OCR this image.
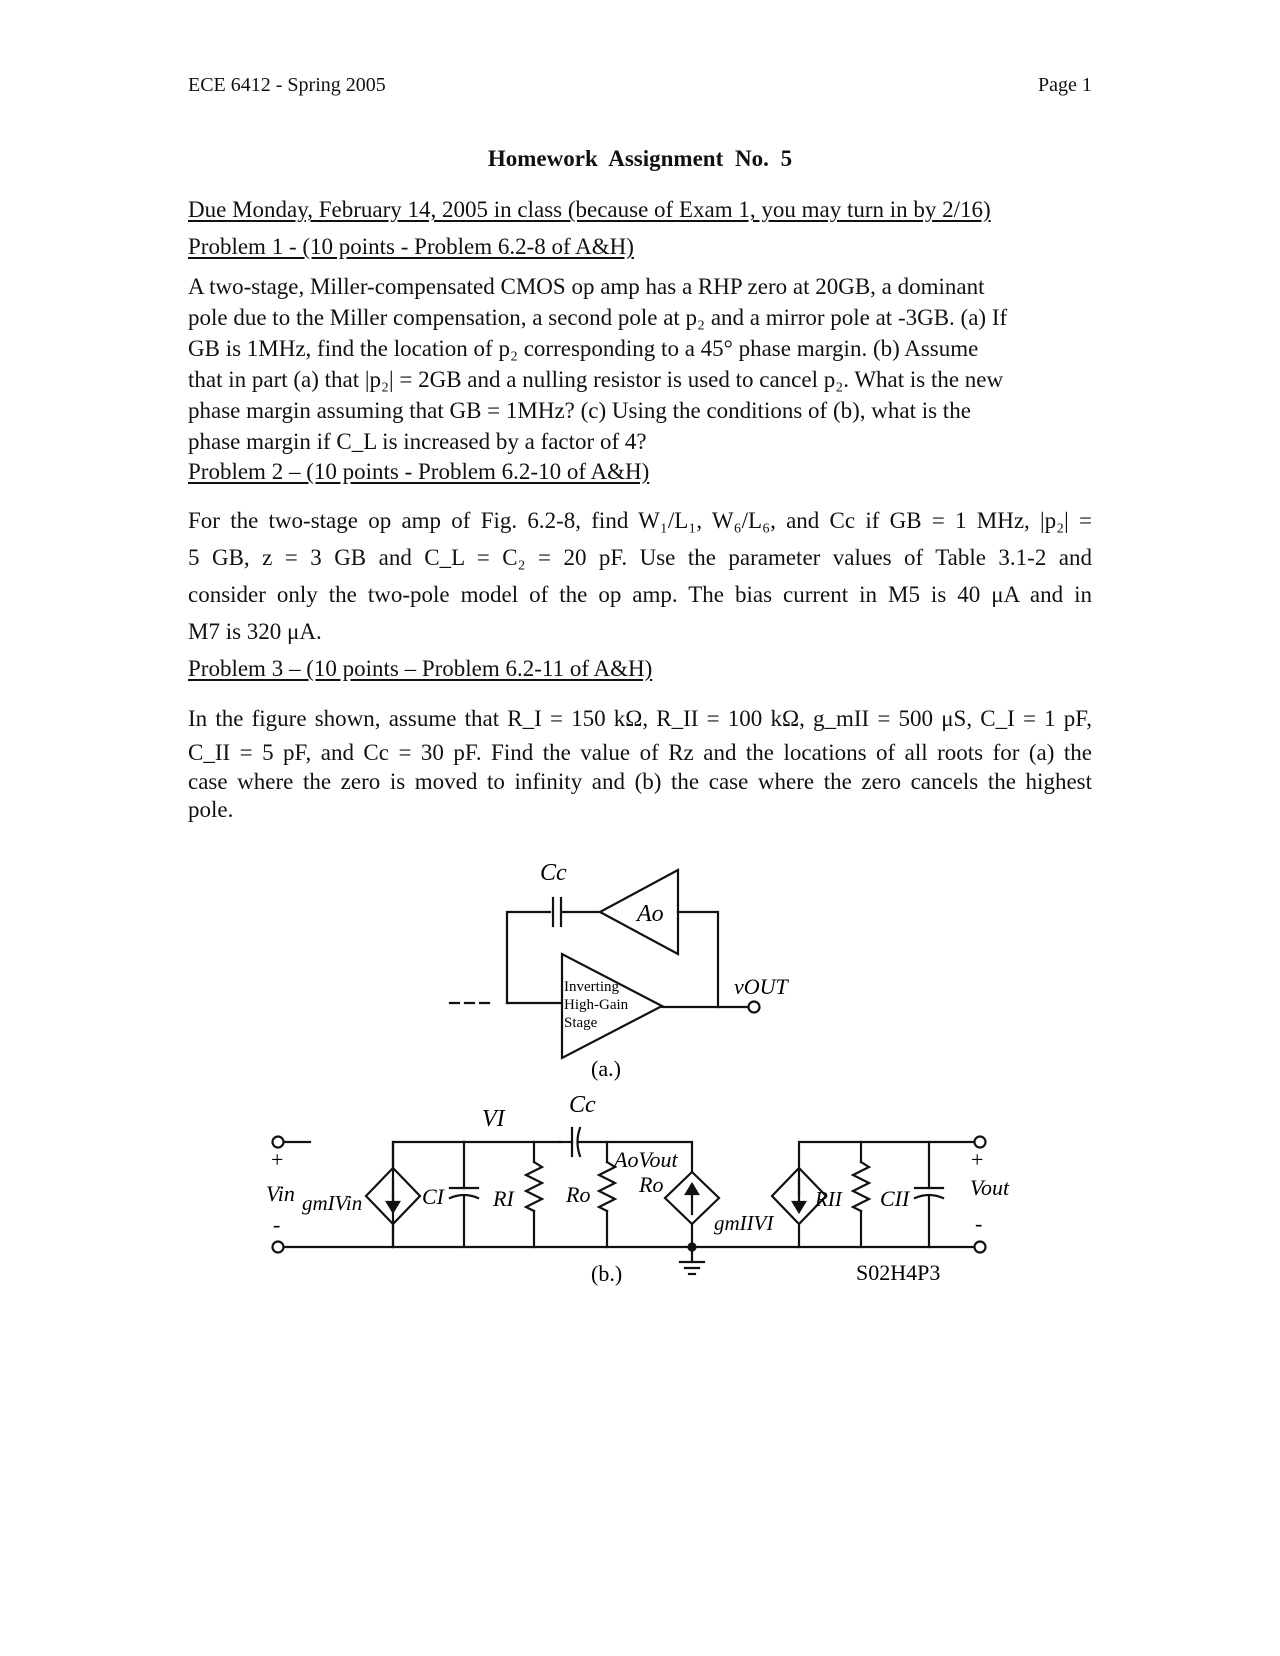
ECE 6412 - Spring 2005	Page 1
Homework Assignment No. 5
Due Monday, February 14, 2005 in class (because of Exam 1, you may turn in by 2/16)
Problem 1 - (10 points - Problem 6.2-8 of A&H)

A two-stage, Miller-compensated CMOS op amp has a RHP zero at 20GB, a dominant

pole due to the Miller compensation, a second pole at p₂ and a mirror pole at -3GB. (a) If

GB is 1MHz, find the location of p₂ corresponding to a 45° phase margin. (b) Assume

that in part (a) that |p₂| = 2GB and a nulling resistor is used to cancel p₂. What is the new

phase margin assuming that GB = 1MHz? (c) Using the conditions of (b), what is the

phase margin if C_L is increased by a factor of 4?

Problem 2 – (10 points - Problem 6.2-10 of A&H)

For the two-stage op amp of Fig. 6.2-8, find W₁/L₁, W₆/L₆, and Cc if GB = 1 MHz, |p₂| =

5 GB, z = 3 GB and C_L = C₂ = 20 pF. Use the parameter values of Table 3.1-2 and

consider only the two-pole model of the op amp. The bias current in M5 is 40 μA and in

M7 is 320 μA.

Problem 3 – (10 points – Problem 6.2-11 of A&H)

In the figure shown, assume that R_I = 150 kΩ, R_II = 100 kΩ, g_mII = 500 μS, C_I = 1 pF,

C_II = 5 pF, and Cc = 30 pF. Find the value of Rz and the locations of all roots for (a) the

case where the zero is moved to infinity and (b) the case where the zero cancels the highest

pole.

Cc
Ao
vOUT
Inverting
High-Gain
Stage
(a.)
VI
Cc
AoVout
Ro
+
Vin
-
gmIVin	CI RI Ro
gmIIVI
RII CII
+
Vout
-
(b.)	S02H4P3
